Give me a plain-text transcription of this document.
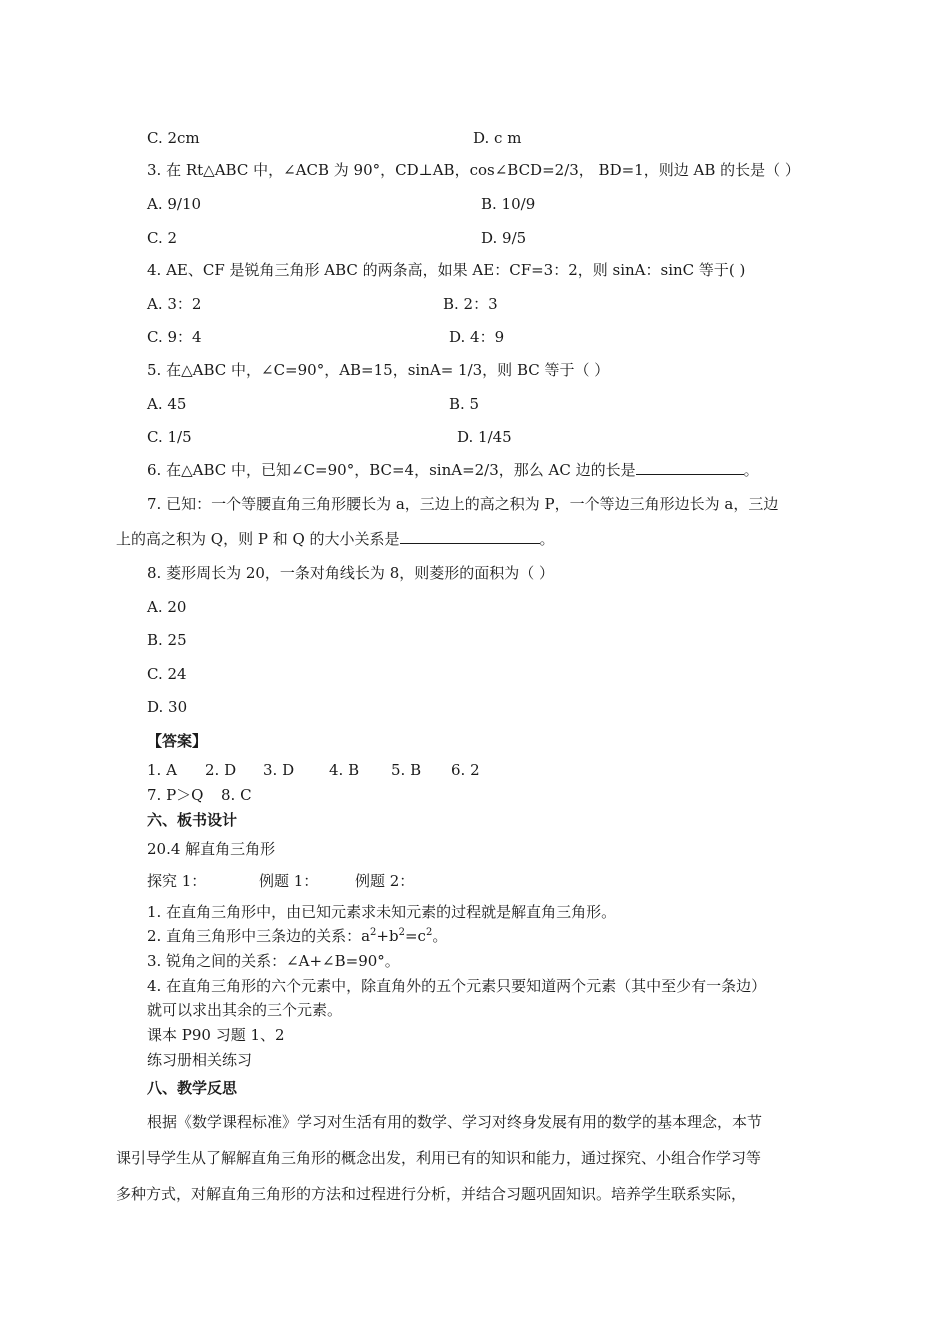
C. 2cm	D. c m
3. 在 Rt△ABC 中，∠ACB 为 90°，CD⊥AB，cos∠BCD=2/3， BD=1，则边 AB 的长是（ ）
A. 9/10	B. 10/9
C. 2	D. 9/5
4. AE、CF 是锐角三角形 ABC 的两条高，如果 AE：CF=3：2，则 sinA：sinC 等于( )
A. 3：2	B. 2：3
C. 9：4	D. 4：9
5. 在△ABC 中，∠C=90°，AB=15，sinA= 1/3，则 BC 等于（ ）
A. 45	B. 5
C. 1/5	D. 1/45
6. 在△ABC 中，已知∠C=90°，BC=4，sinA=2/3，那么 AC 边的长是	。
7. 已知：一个等腰直角三角形腰长为 a，三边上的高之积为 P，一个等边三角形边长为 a，三边
上的高之积为 Q，则 P 和 Q 的大小关系是	。
8. 菱形周长为 20，一条对角线长为 8，则菱形的面积为（ ）
A. 20
B. 25
C. 24
D. 30
【答案】
1. A 2. D 3. D 4. B 5. B 6. 2
7. P＞Q 8. C
六、板书设计
20.4 解直角三角形
探究 1：	例题 1： 例题 2：
1. 在直角三角形中，由已知元素求未知元素的过程就是解直角三角形。
2. 直角三角形中三条边的关系：$a^2+b^2=c^2$。
3. 锐角之间的关系：∠A+∠B=90°。
4. 在直角三角形的六个元素中，除直角外的五个元素只要知道两个元素（其中至少有一条边）
就可以求出其余的三个元素。
课本 P90 习题 1、2
练习册相关练习
八、教学反思
根据《数学课程标准》学习对生活有用的数学、学习对终身发展有用的数学的基本理念，本节
课引导学生从了解解直角三角形的概念出发，利用已有的知识和能力，通过探究、小组合作学习等
多种方式，对解直角三角形的方法和过程进行分析，并结合习题巩固知识。培养学生联系实际，
